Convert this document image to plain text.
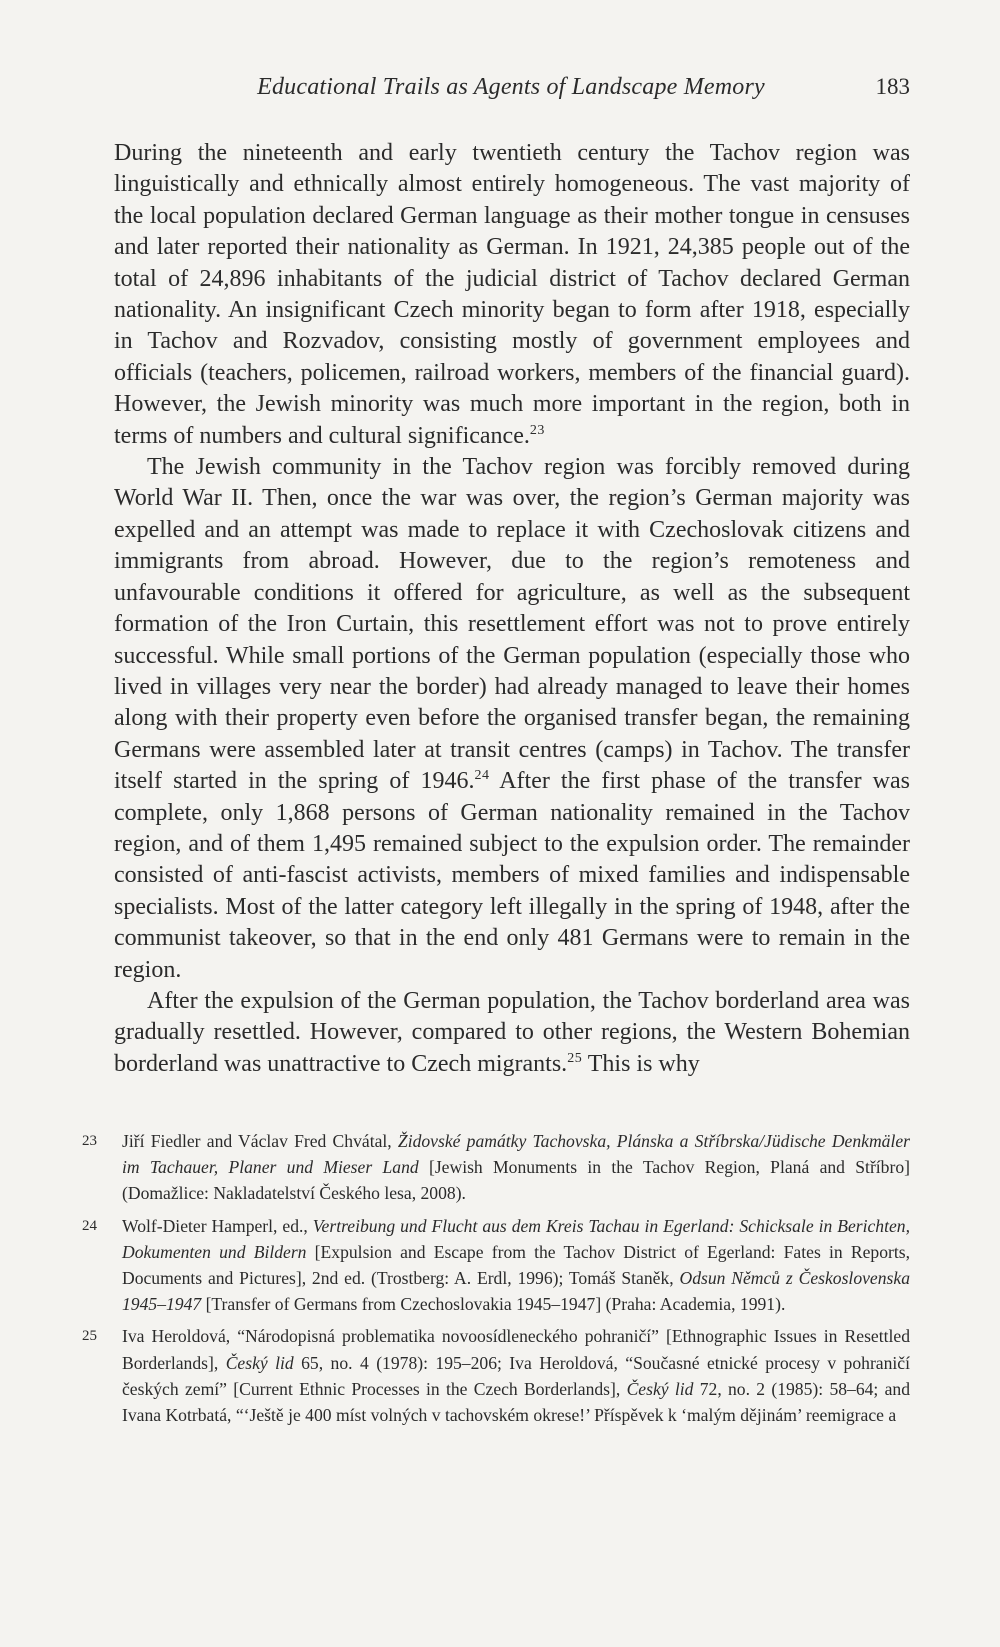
Educational Trails as Agents of Landscape Memory	183

During the nineteenth and early twentieth century the Tachov region was linguistically and ethnically almost entirely homogeneous. The vast majority of the local population declared German language as their mother tongue in censuses and later reported their nationality as German. In 1921, 24,385 people out of the total of 24,896 inhabitants of the judicial district of Tachov declared German nationality. An insignificant Czech minority began to form after 1918, especially in Tachov and Rozvadov, consisting mostly of government employees and officials (teachers, policemen, railroad workers, members of the financial guard). However, the Jewish minority was much more important in the region, both in terms of numbers and cultural significance.$^{23}$

The Jewish community in the Tachov region was forcibly removed during World War II. Then, once the war was over, the region’s German majority was expelled and an attempt was made to replace it with Czechoslovak citizens and immigrants from abroad. However, due to the region’s remoteness and unfavourable conditions it offered for agriculture, as well as the subsequent formation of the Iron Curtain, this resettlement effort was not to prove entirely successful. While small portions of the German population (especially those who lived in villages very near the border) had already managed to leave their homes along with their property even before the organised transfer began, the remaining Germans were assembled later at transit centres (camps) in Tachov. The transfer itself started in the spring of 1946.24 After the first phase of the transfer was complete, only 1,868 persons of German nationality remained in the Tachov region, and of them 1,495 remained subject to the expulsion order. The remainder consisted of anti-fascist activists, members of mixed families and indispensable specialists. Most of the latter category left illegally in the spring of 1948, after the communist takeover, so that in the end only 481 Germans were to remain in the region.

After the expulsion of the German population, the Tachov borderland area was gradually resettled. However, compared to other regions, the Western Bohemian borderland was unattractive to Czech migrants.$^{25}$ This is why

23	Jiří Fiedler and Václav Fred Chvátal, Židovské památky Tachovska, Plánska a Stříbrska/Jüdische Denkmäler im Tachauer, Planer und Mieser Land [Jewish Monuments in the Tachov Region, Planá and Stříbro] (Domažlice: Nakladatelství Českého lesa, 2008).
24	Wolf-Dieter Hamperl, ed., Vertreibung und Flucht aus dem Kreis Tachau in Egerland: Schicksale in Berichten, Dokumenten und Bildern [Expulsion and Escape from the Tachov District of Egerland: Fates in Reports, Documents and Pictures], 2nd ed. (Trostberg: A. Erdl, 1996); Tomáš Staněk, Odsun Němců z Československa 1945–1947 [Transfer of Germans from Czechoslovakia 1945–1947] (Praha: Academia, 1991).
25	Iva Heroldová, “Národopisná problematika novoosídleneckého pohraničí” [Ethnographic Issues in Resettled Borderlands], Český lid 65, no. 4 (1978): 195–206; Iva Heroldová, “Současné etnické procesy v pohraničí českých zemí” [Current Ethnic Processes in the Czech Borderlands], Český lid 72, no. 2 (1985): 58–64; and Ivana Kotrbatá, “‘Ještě je 400 míst volných v tachovském okrese!’ Příspěvek k ‘malým dějinám’ reemigrace a
